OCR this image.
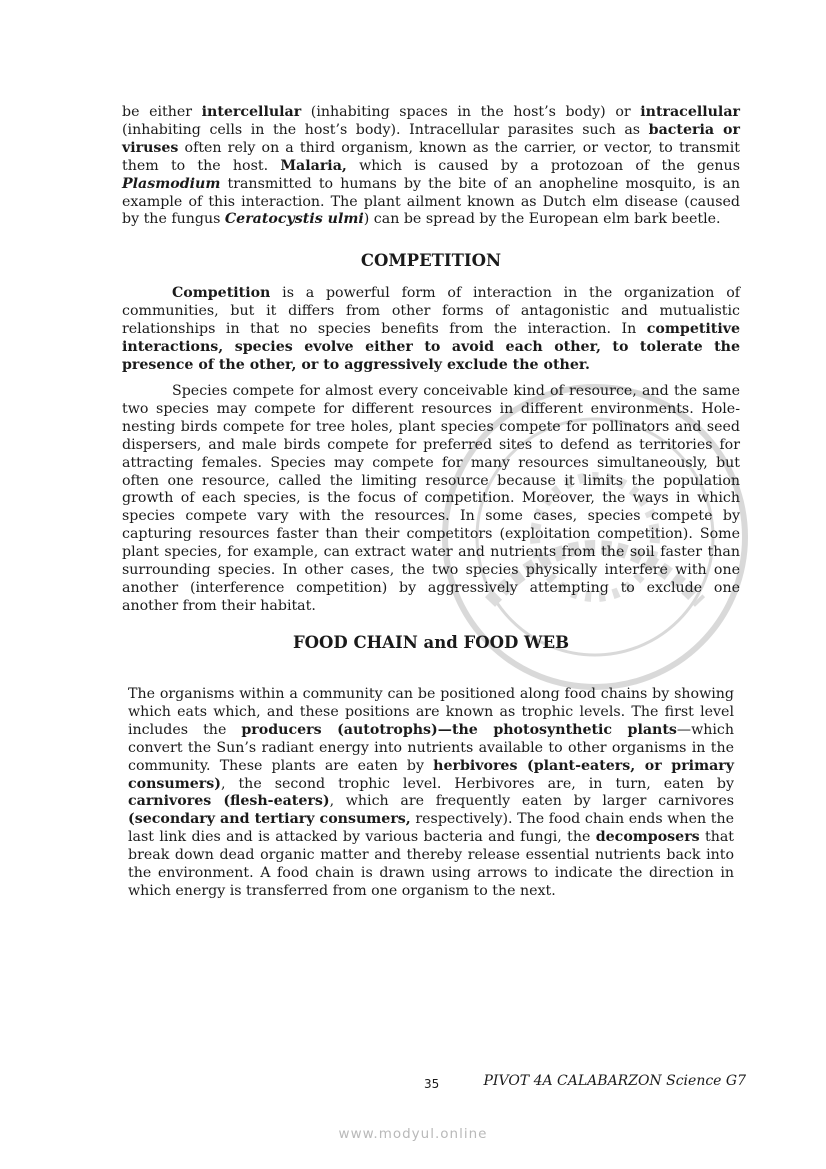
be either intercellular (inhabiting spaces in the host’s body) or intracellular (inhabiting cells in the host’s body). Intracellular parasites such as bacteria or viruses often rely on a third organism, known as the carrier, or vector, to transmit them to the host. Malaria, which is caused by a protozoan of the genus Plasmodium transmitted to humans by the bite of an anopheline mosquito, is an example of this interaction. The plant ailment known as Dutch elm disease (caused by the fungus Ceratocystis ulmi) can be spread by the European elm bark beetle.

COMPETITION

Competition is a powerful form of interaction in the organization of communities, but it differs from other forms of antagonistic and mutualistic relationships in that no species benefits from the interaction. In competitive interactions, species evolve either to avoid each other, to tolerate the presence of the other, or to aggressively exclude the other.

Species compete for almost every conceivable kind of resource, and the same two species may compete for different resources in different environments. Hole-nesting birds compete for tree holes, plant species compete for pollinators and seed dispersers, and male birds compete for preferred sites to defend as territories for attracting females. Species may compete for many resources simultaneously, but often one resource, called the limiting resource because it limits the population growth of each species, is the focus of competition. Moreover, the ways in which species compete vary with the resources. In some cases, species compete by capturing resources faster than their competitors (exploitation competition). Some plant species, for example, can extract water and nutrients from the soil faster than surrounding species. In other cases, the two species physically interfere with one another (interference competition) by aggressively attempting to exclude one another from their habitat.

FOOD CHAIN and FOOD WEB

The organisms within a community can be positioned along food chains by showing which eats which, and these positions are known as trophic levels. The first level includes the producers (autotrophs)—the photosynthetic plants—which convert the Sun’s radiant energy into nutrients available to other organisms in the community. These plants are eaten by herbivores (plant-eaters, or primary consumers), the second trophic level. Herbivores are, in turn, eaten by carnivores (flesh-eaters), which are frequently eaten by larger carnivores (secondary and tertiary consumers, respectively). The food chain ends when the last link dies and is attacked by various bacteria and fungi, the decomposers that break down dead organic matter and thereby release essential nutrients back into the environment. A food chain is drawn using arrows to indicate the direction in which energy is transferred from one organism to the next.

35	PIVOT 4A CALABARZON Science G7
www.modyul.online
